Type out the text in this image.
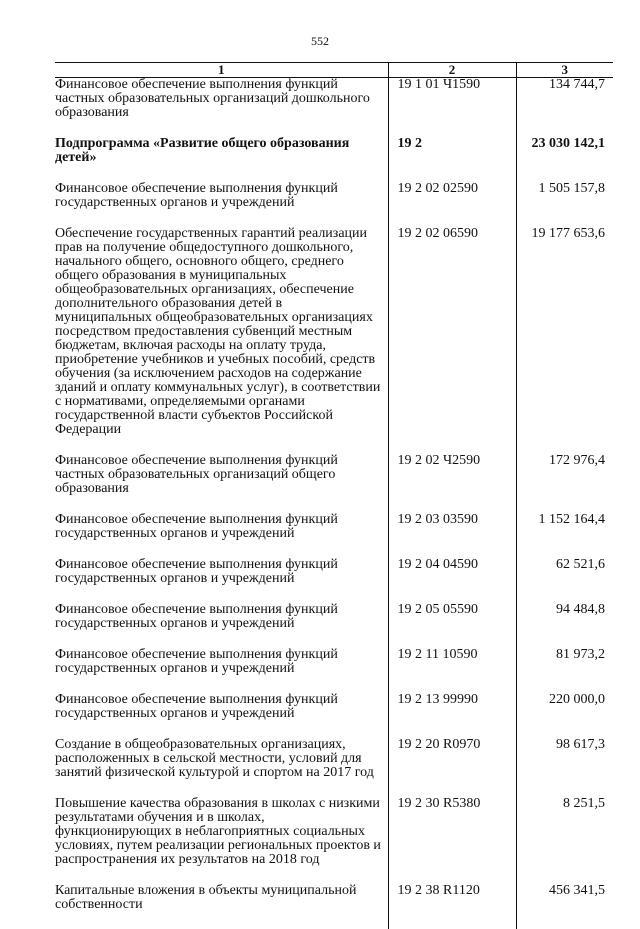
552
1	2	3
Финансовое обеспечение выполнения функций частных образовательных организаций дошкольного образования	19 1 01 Ч1590	134 744,7
Подпрограмма «Развитие общего образования детей»	19 2	23 030 142,1
Финансовое обеспечение выполнения функций государственных органов и учреждений	19 2 02 02590	1 505 157,8
Обеспечение государственных гарантий реализации прав на получение общедоступного дошкольного, начального общего, основного общего, среднего общего образования в муниципальных общеобразовательных организациях, обеспечение дополнительного образования детей в муниципальных общеобразовательных организациях посредством предоставления субвенций местным бюджетам, включая расходы на оплату труда, приобретение учебников и учебных пособий, средств обучения (за исключением расходов на содержание зданий и оплату коммунальных услуг), в соответствии с нормативами, определяемыми органами государственной власти субъектов Российской Федерации	19 2 02 06590	19 177 653,6
Финансовое обеспечение выполнения функций частных образовательных организаций общего образования	19 2 02 Ч2590	172 976,4
Финансовое обеспечение выполнения функций государственных органов и учреждений	19 2 03 03590	1 152 164,4
Финансовое обеспечение выполнения функций государственных органов и учреждений	19 2 04 04590	62 521,6
Финансовое обеспечение выполнения функций государственных органов и учреждений	19 2 05 05590	94 484,8
Финансовое обеспечение выполнения функций государственных органов и учреждений	19 2 11 10590	81 973,2
Финансовое обеспечение выполнения функций государственных органов и учреждений	19 2 13 99990	220 000,0
Создание в общеобразовательных организациях, расположенных в сельской местности, условий для занятий физической культурой и спортом на 2017 год	19 2 20 R0970	98 617,3
Повышение качества образования в школах с низкими результатами обучения и в школах, функционирующих в неблагоприятных социальных условиях, путем реализации региональных проектов и распространения их результатов на 2018 год	19 2 30 R5380	8 251,5
Капитальные вложения в объекты муниципальной собственности	19 2 38 R1120	456 341,5
